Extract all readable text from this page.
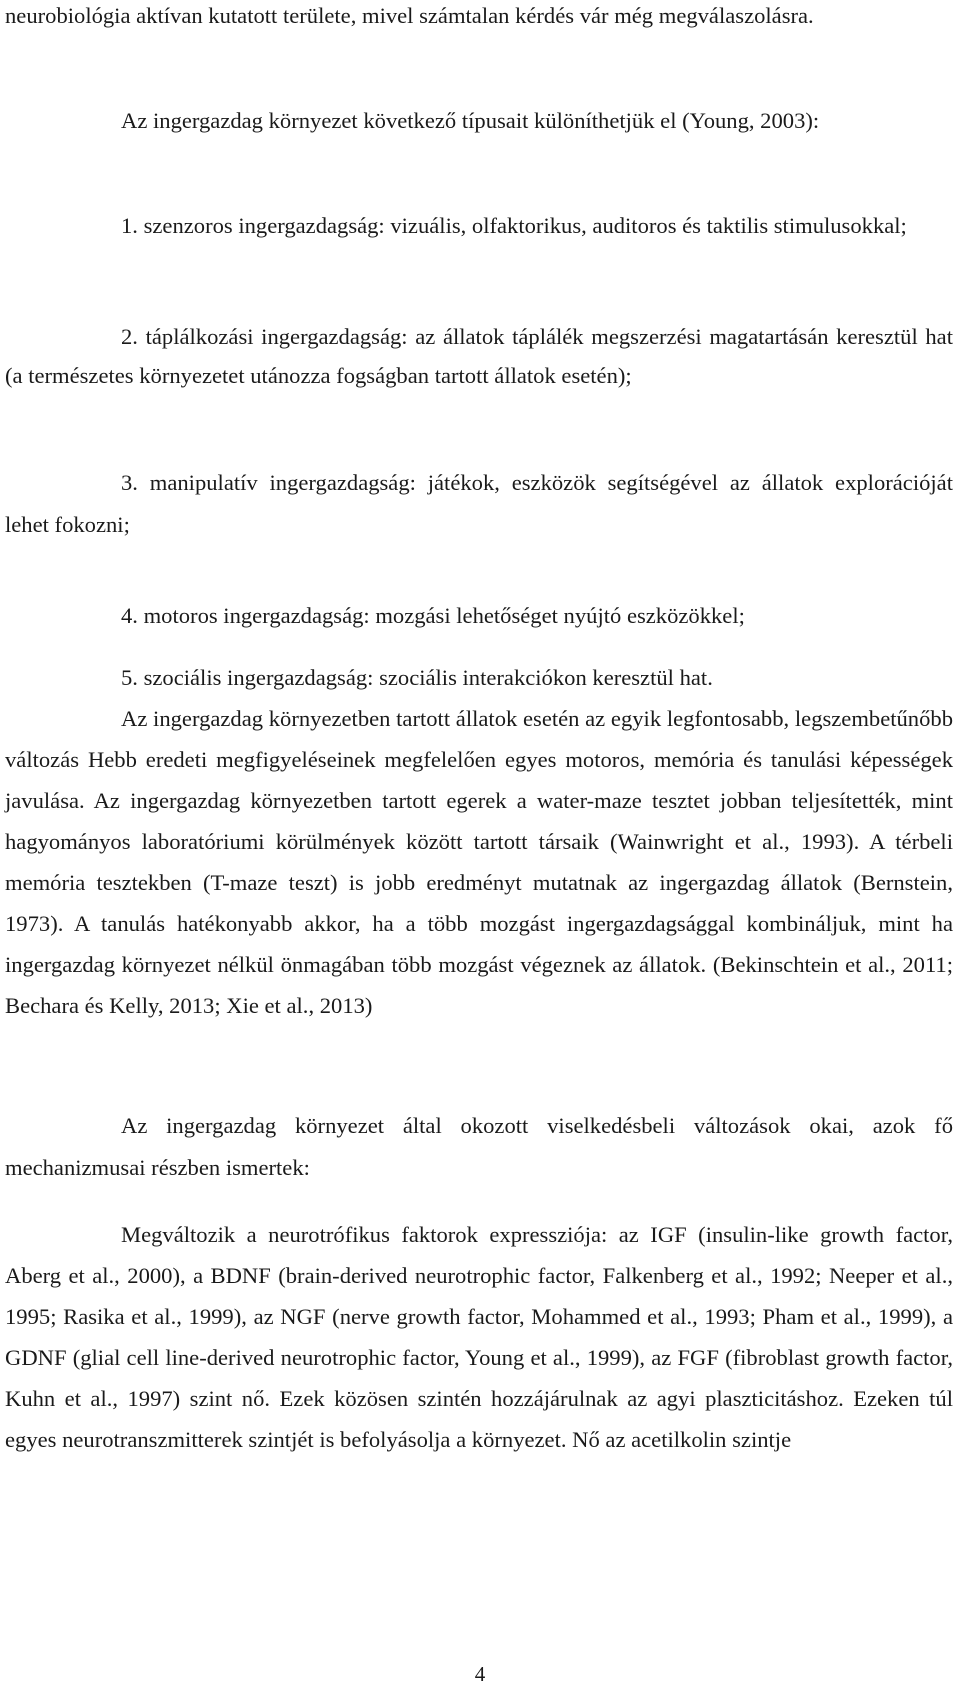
neurobiológia aktívan kutatott területe, mivel számtalan kérdés vár még megválaszolásra.

Az ingergazdag környezet következő típusait különíthetjük el (Young, 2003):

1. szenzoros ingergazdagság: vizuális, olfaktorikus, auditoros és taktilis stimulusokkal;

2. táplálkozási ingergazdagság: az állatok táplálék megszerzési magatartásán keresztül hat (a természetes környezetet utánozza fogságban tartott állatok esetén);

3. manipulatív ingergazdagság: játékok, eszközök segítségével az állatok explorációját lehet fokozni;

4. motoros ingergazdagság: mozgási lehetőséget nyújtó eszközökkel;

5. szociális ingergazdagság: szociális interakciókon keresztül hat.

Az ingergazdag környezetben tartott állatok esetén az egyik legfontosabb, legszembetűnőbb változás Hebb eredeti megfigyeléseinek megfelelően egyes motoros, memória és tanulási képességek javulása. Az ingergazdag környezetben tartott egerek a water-maze tesztet jobban teljesítették, mint hagyományos laboratóriumi körülmények között tartott társaik (Wainwright et al., 1993). A térbeli memória tesztekben (T-maze teszt) is jobb eredményt mutatnak az ingergazdag állatok (Bernstein, 1973). A tanulás hatékonyabb akkor, ha a több mozgást ingergazdagsággal kombináljuk, mint ha ingergazdag környezet nélkül önmagában több mozgást végeznek az állatok. (Bekinschtein et al., 2011; Bechara és Kelly, 2013; Xie et al., 2013)

Az ingergazdag környezet által okozott viselkedésbeli változások okai, azok fő mechanizmusai részben ismertek:

Megváltozik a neurotrófikus faktorok expressziója: az IGF (insulin-like growth factor, Aberg et al., 2000), a BDNF (brain-derived neurotrophic factor, Falkenberg et al., 1992; Neeper et al., 1995; Rasika et al., 1999), az NGF (nerve growth factor, Mohammed et al., 1993; Pham et al., 1999), a GDNF (glial cell line-derived neurotrophic factor, Young et al., 1999), az FGF (fibroblast growth factor, Kuhn et al., 1997) szint nő. Ezek közösen szintén hozzájárulnak az agyi plaszticitáshoz. Ezeken túl egyes neurotranszmitterek szintjét is befolyásolja a környezet. Nő az acetilkolin szintje

4
